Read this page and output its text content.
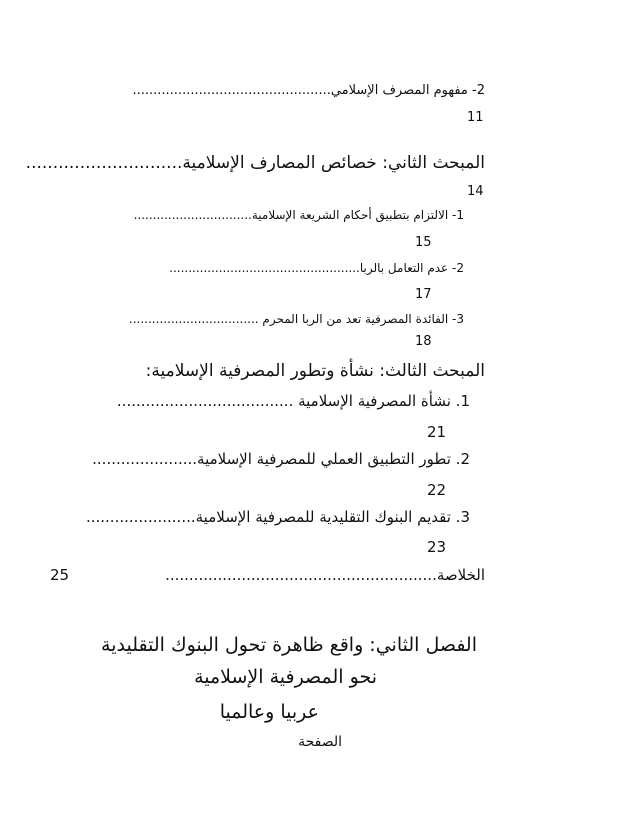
2- مفهوم المصرف الإسلامي................................................
11
المبحث الثاني: خصائص المصارف الإسلامية.............................
14
1- الالتزام بتطبيق أحكام الشريعة الإسلامية...............................
15
2- عدم التعامل بالربا..................................................
17
3- الفائدة المصرفية تعد من الربا المحرم ..................................
18
المبحث الثالث: نشأة وتطور المصرفية الإسلامية:
1. نشأة المصرفية الإسلامية .....................................
21
2. تطور التطبيق العملي للمصرفية الإسلامية......................
22
3. تقديم البنوك التقليدية للمصرفية الإسلامية.......................
23
الخلاصة.........................................................
25
الفصل الثاني: واقع ظاهرة تحول البنوك التقليدية
نحو المصرفية الإسلامية
عربيا وعالميا
الصفحة
